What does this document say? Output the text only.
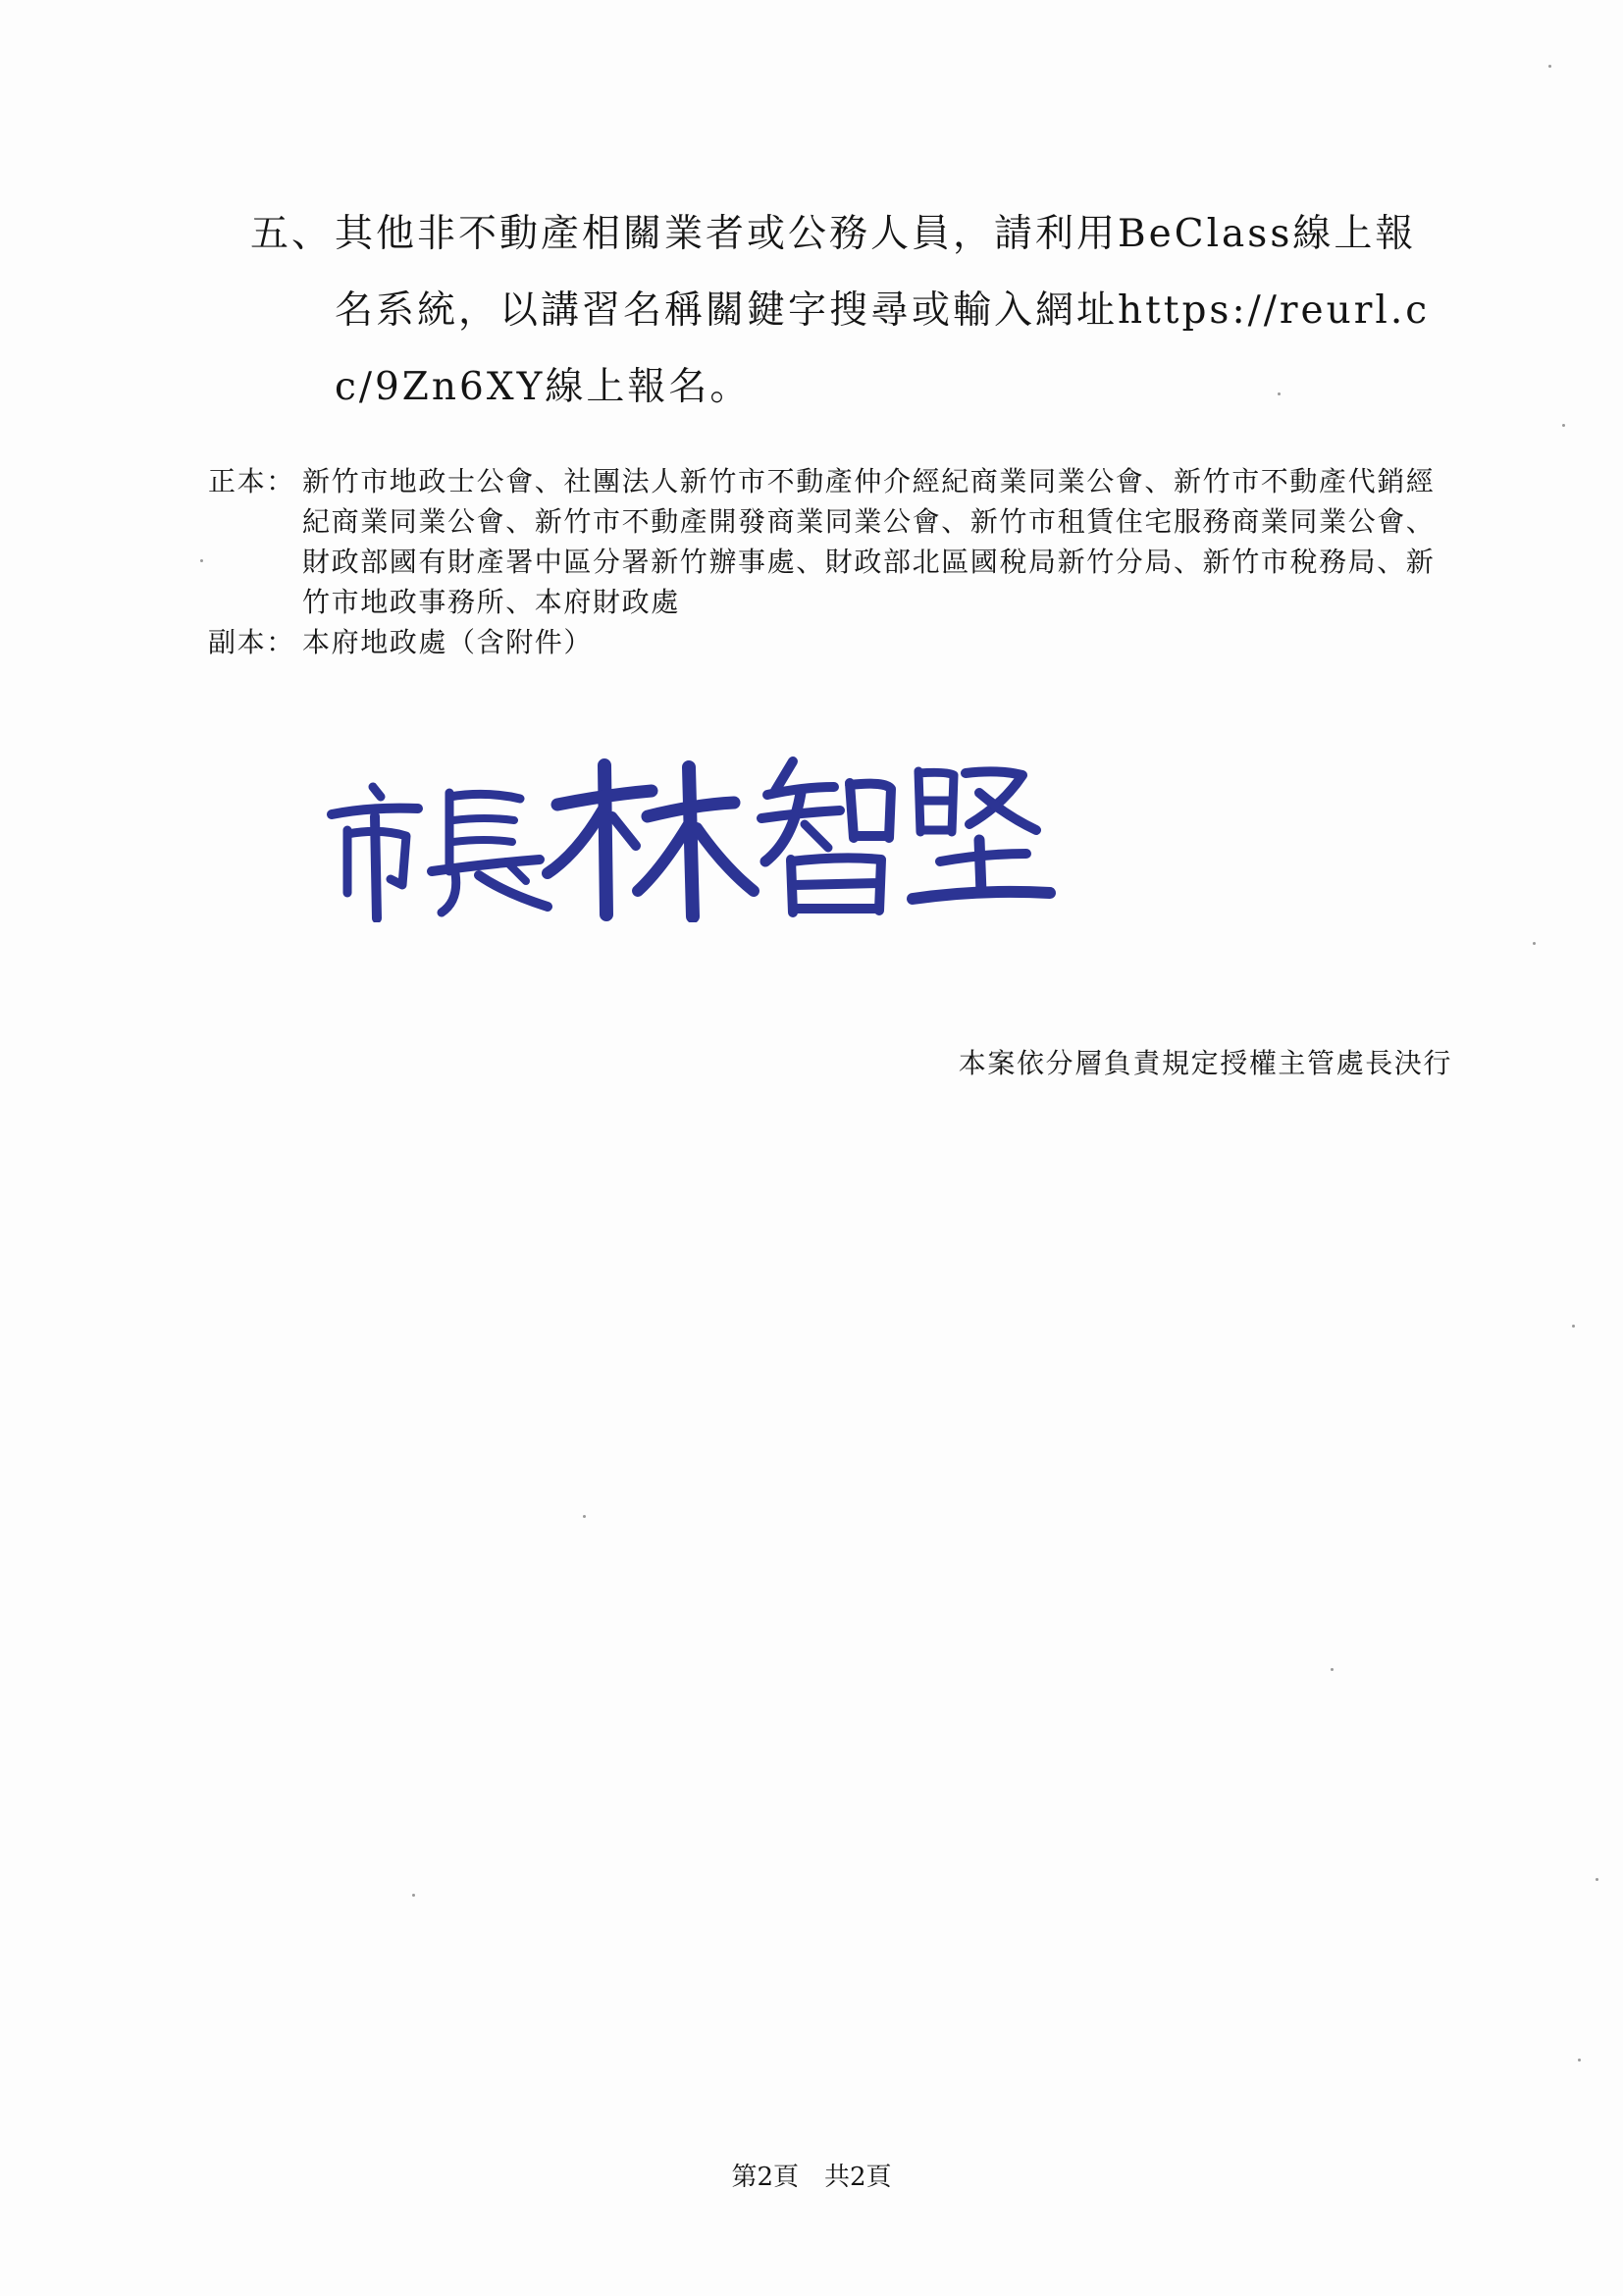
五、 其他非不動產相關業者或公務人員，請利用BeClass線上報名系統，以講習名稱關鍵字搜尋或輸入網址https://reurl.cc/9Zn6XY線上報名。
正本： 新竹市地政士公會、社團法人新竹市不動產仲介經紀商業同業公會、新竹市不動產代銷經紀商業同業公會、新竹市不動產開發商業同業公會、新竹市租賃住宅服務商業同業公會、財政部國有財產署中區分署新竹辦事處、財政部北區國稅局新竹分局、新竹市稅務局、新竹市地政事務所、本府財政處
副本： 本府地政處（含附件）
本案依分層負責規定授權主管處長決行
第2頁　共2頁
